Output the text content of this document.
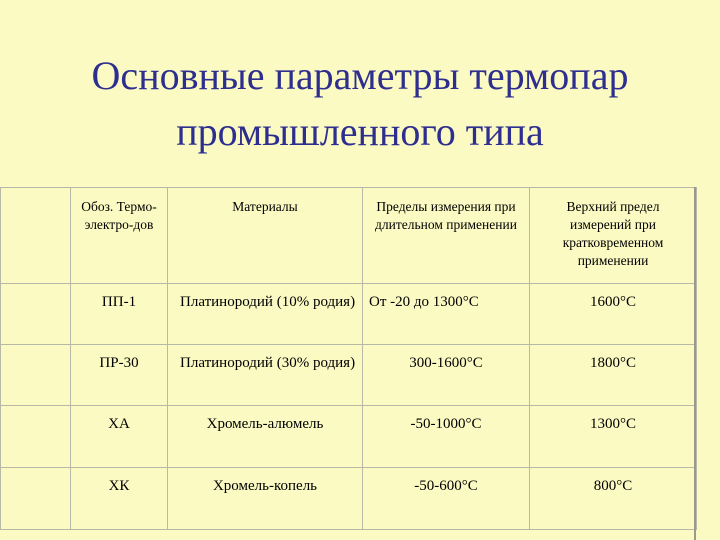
Основные параметры термопар
промышленного типа
	Обоз. Термо-электро-дов	Материалы	Пределы измерения при длительном применении	Верхний предел измерений при кратковременном применении
	ПП-1	Платинородий (10% родия)	От -20 до 1300°С	1600°С
	ПР-30	Платинородий (30% родия)	300-1600°С	1800°С
	ХА	Хромель-алюмель	-50-1000°С	1300°С
	ХК	Хромель-копель	-50-600°С	800°С
